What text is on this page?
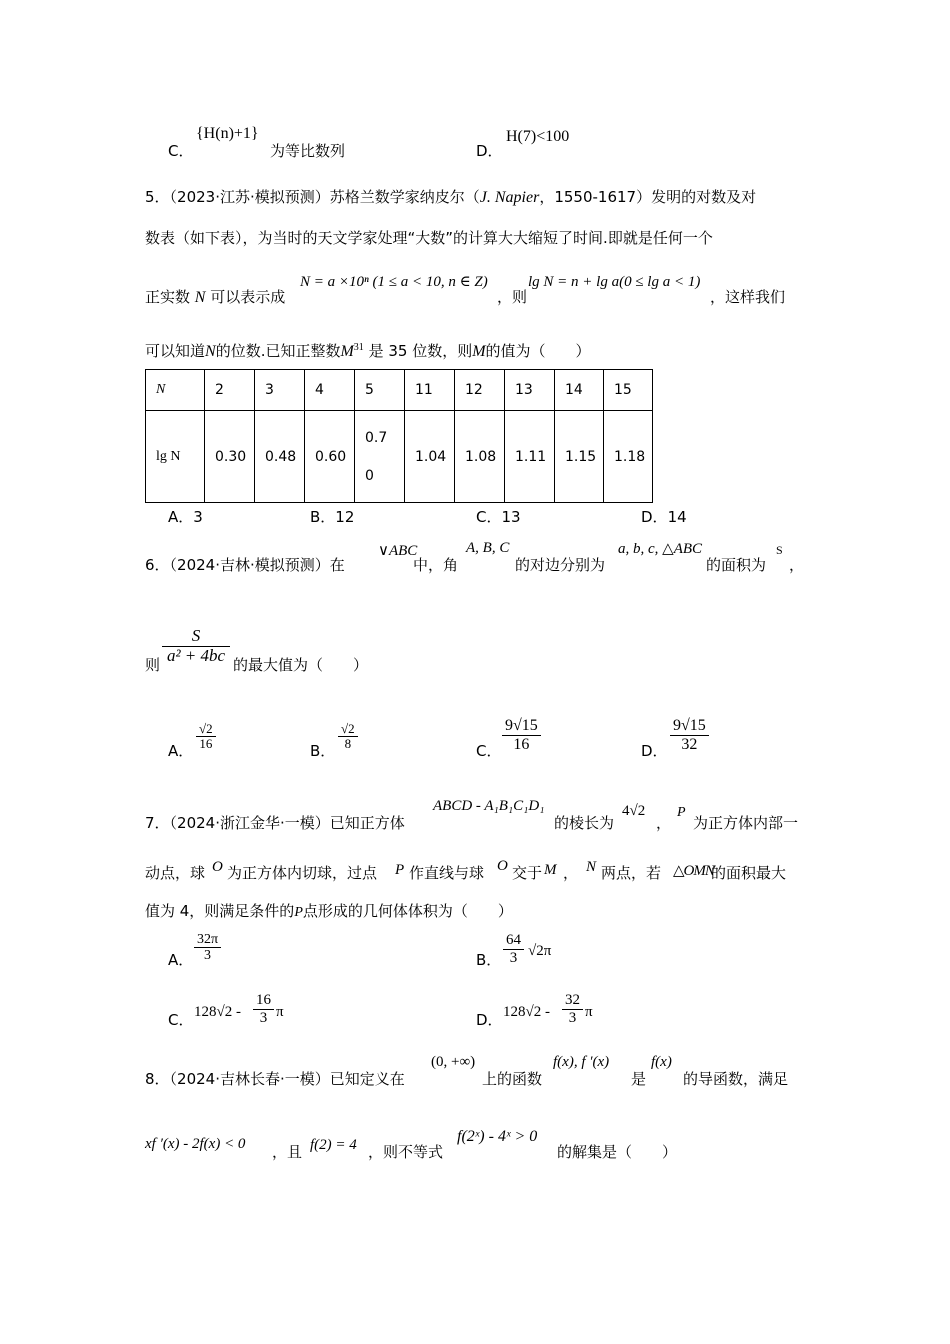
C．
{H(n)+1}
为等比数列	D．
H(7)<100
5．（2023·江苏·模拟预测）苏格兰数学家纳皮尔（J. Napier，1550-1617）发明的对数及对
数表（如下表），为当时的天文学家处理“大数”的计算大大缩短了时间.即就是任何一个
正实数 N 可以表示成
N = a ×10ⁿ (1 ≤ a < 10, n ∈ Z)
，则
lg N = n + lg a(0 ≤ lg a < 1)
，这样我们
可以知道N的位数.已知正整数$M^{31}$ 是 35 位数，则M的值为（　　）
N	2	3	4	5	11	12	13	14	15
lg N	0.30	0.48	0.60	0.70	1.04	1.08	1.11	1.15	1.18
A．3	B．12	C．13	D．14
6．（2024·吉林·模拟预测）在
∨ABC
中，角
A, B, C
的对边分别为
a, b, c, △ABC
的面积为
S
，
则 $\frac{S}{\text{a² + 4bc}}$ 的最大值为（　　）
A． $\frac{√2}{16}$	B． $\frac{√2}{8}$	C． $\frac{9√15}{16}$	D． $\frac{9√15}{32}$
7．（2024·浙江金华·一模）已知正方体
ABCD - A₁B₁C₁D₁
的棱长为
4√2
，
P
为正方体内部一
动点，球 O 为正方体内切球，过点 P 作直线与球 O 交于 M ， N 两点，若 △OMN
的面积最大
值为 4，则满足条件的P点形成的几何体体积为（　　）
A． $\frac{32\pi}{3}$	B． $\frac{64}{3} √2\pi$
C． $128√2 - \frac{16}{3}$ π	D． $128√2 - \frac{32}{3}$ π
8．（2024·吉林长春·一模）已知定义在
(0, +∞)
上的函数
f(x), f ′(x)
是
f(x)
的导函数，满足
xf ′(x) - 2f(x) < 0 ，且 f(2) = 4 ，则不等式
f(2ˣ) - 4ˣ > 0
的解集是（　　）
